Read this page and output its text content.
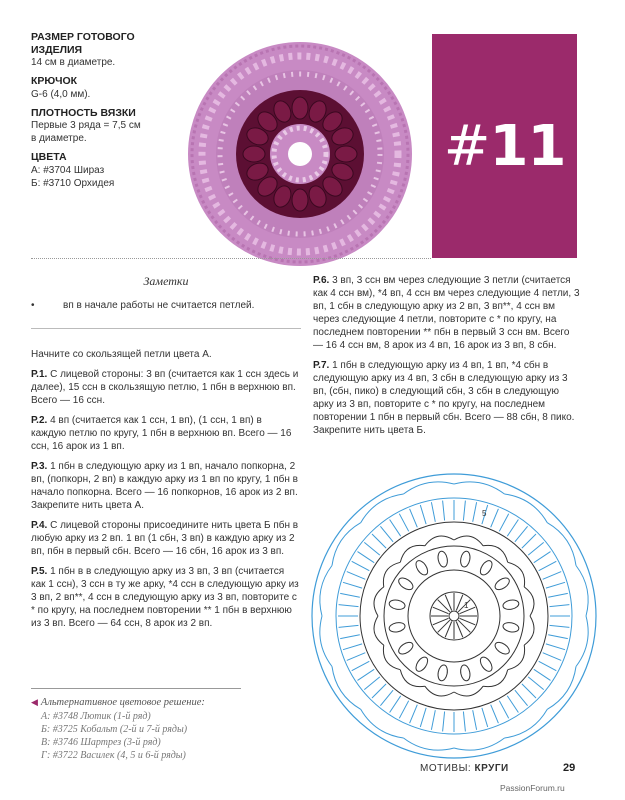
РАЗМЕР ГОТОВОГО ИЗДЕЛИЯ

14 см в диаметре.

КРЮЧОК

G-6 (4,0 мм).

ПЛОТНОСТЬ ВЯЗКИ

Первые 3 ряда = 7,5 см
в диаметре.

ЦВЕТА

А: #3704 Шираз
Б: #3710 Орхидея

# 11
Заметки
•	вп в начале работы не считается петлей.

Начните со скользящей петли цвета А.

Р.1. С лицевой стороны: 3 вп (считается как 1 ссн здесь и далее), 15 ссн в скользящую петлю, 1 пбн в верхнюю вп. Всего — 16 ссн.

Р.2. 4 вп (считается как 1 ссн, 1 вп), (1 ссн, 1 вп) в каждую петлю по кругу, 1 пбн в верхнюю вп. Всего — 16 ссн, 16 арок из 1 вп.

Р.3. 1 пбн в следующую арку из 1 вп, начало попкорна, 2 вп, (попкорн, 2 вп) в каждую арку из 1 вп по кругу, 1 пбн в начало попкорна. Всего — 16 попкорнов, 16 арок из 2 вп. Закрепите нить цвета А.

Р.4. С лицевой стороны присоедините нить цвета Б пбн в любую арку из 2 вп. 1 вп (1 сбн, 3 вп) в каждую арку из 2 вп, пбн в первый сбн. Всего — 16 сбн, 16 арок из 3 вп.

Р.5. 1 пбн в в следующую арку из 3 вп, 3 вп (считается как 1 ссн), 3 ссн в ту же арку, *4 ссн в следующую арку из 3 вп, 2 вп**, 4 ссн в следующую арку из 3 вп, повторите с * по кругу, на последнем повторении ** 1 пбн в верхнюю из 3 вп. Всего — 64 ссн, 8 арок из 2 вп.

Р.6. 3 вп, 3 ссн вм через следующие 3 петли (считается как 4 ссн вм), *4 вп, 4 ссн вм через следующие 4 петли, 3 вп, 1 сбн в следующую арку из 2 вп, 3 вп**, 4 ссн вм через следующие 4 петли, повторите с * по кругу, на последнем повторении ** пбн в первый 3 ссн вм. Всего — 16 4 ссн вм, 8 арок из 4 вп, 16 арок из 3 вп, 8 сбн.

Р.7. 1 пбн в следующую арку из 4 вп, 1 вп, *4 сбн в следующую арку из 4 вп, 3 сбн в следующую арку из 3 вп, (сбн, пико) в следующий сбн, 3 сбн в следующую арку из 3 вп, повторите с * по кругу, на последнем повторении 1 пбн в первый сбн. Всего — 88 сбн, 8 пико. Закрепите нить цвета Б.

1
5
◀ Альтернативное цветовое решение:
А: #3748 Лютик (1-й ряд)
Б: #3725 Кобальт (2-й и 7-й ряды)
В: #3746 Шартрез (3-й ряд)
Г: #3722 Василек (4, 5 и 6-й ряды)
МОТИВЫ: КРУГИ	29
PassionForum.ru
